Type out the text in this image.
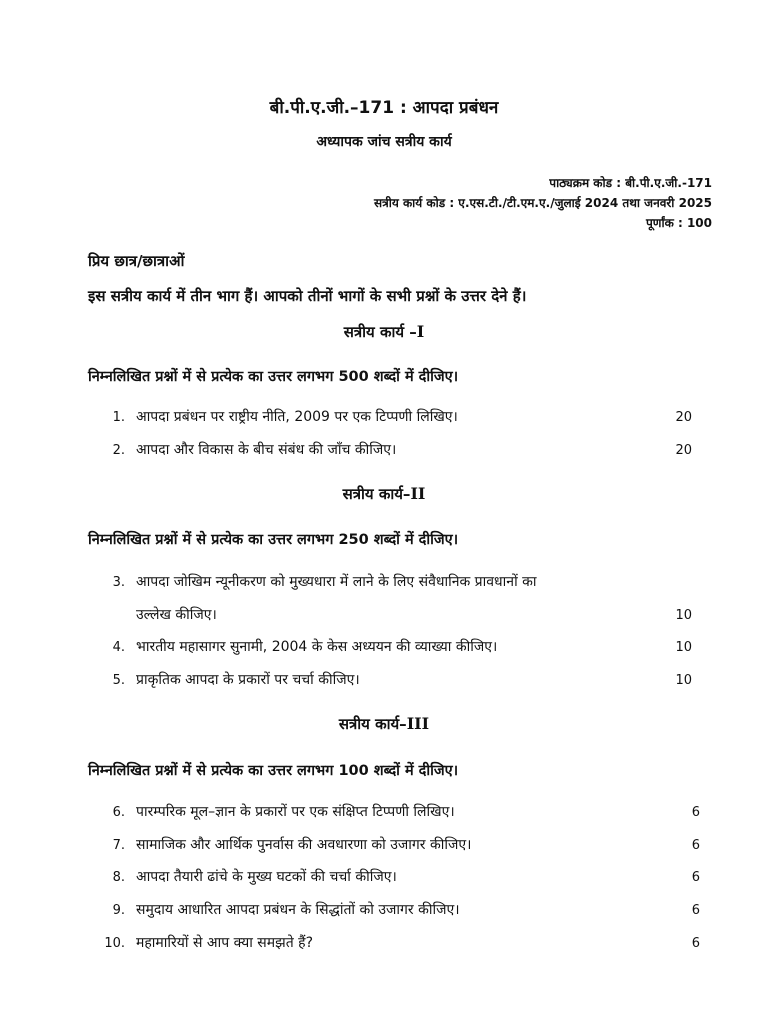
बी.पी.ए.जी.–171 : आपदा प्रबंधन
अध्यापक जांच सत्रीय कार्य
पाठ्यक्रम कोड : बी.पी.ए.जी.-171
सत्रीय कार्य कोड : ए.एस.टी./टी.एम.ए./जुलाई 2024 तथा जनवरी 2025
पूर्णांक : 100
प्रिय छात्र/छात्राओं
इस सत्रीय कार्य में तीन भाग हैं। आपको तीनों भागों के सभी प्रश्नों के उत्तर देने हैं।
सत्रीय कार्य –I
निम्नलिखित प्रश्नों में से प्रत्येक का उत्तर लगभग 500 शब्दों में दीजिए।
1. आपदा प्रबंधन पर राष्ट्रीय नीति, 2009 पर एक टिप्पणी लिखिए।	20
2. आपदा और विकास के बीच संबंध की जाँच कीजिए।	20
सत्रीय कार्य–II
निम्नलिखित प्रश्नों में से प्रत्येक का उत्तर लगभग 250 शब्दों में दीजिए।
3. आपदा जोखिम न्यूनीकरण को मुख्यधारा में लाने के लिए संवैधानिक प्रावधानों का
उल्लेख कीजिए।	10
4. भारतीय महासागर सुनामी, 2004 के केस अध्ययन की व्याख्या कीजिए।	10
5. प्राकृतिक आपदा के प्रकारों पर चर्चा कीजिए।	10
सत्रीय कार्य–III
निम्नलिखित प्रश्नों में से प्रत्येक का उत्तर लगभग 100 शब्दों में दीजिए।
6. पारम्परिक मूल–ज्ञान के प्रकारों पर एक संक्षिप्त टिप्पणी लिखिए।	6
7. सामाजिक और आर्थिक पुनर्वास की अवधारणा को उजागर कीजिए।	6
8. आपदा तैयारी ढांचे के मुख्य घटकों की चर्चा कीजिए।	6
9. समुदाय आधारित आपदा प्रबंधन के सिद्धांतों को उजागर कीजिए।	6
10. महामारियों से आप क्या समझते हैं?	6
